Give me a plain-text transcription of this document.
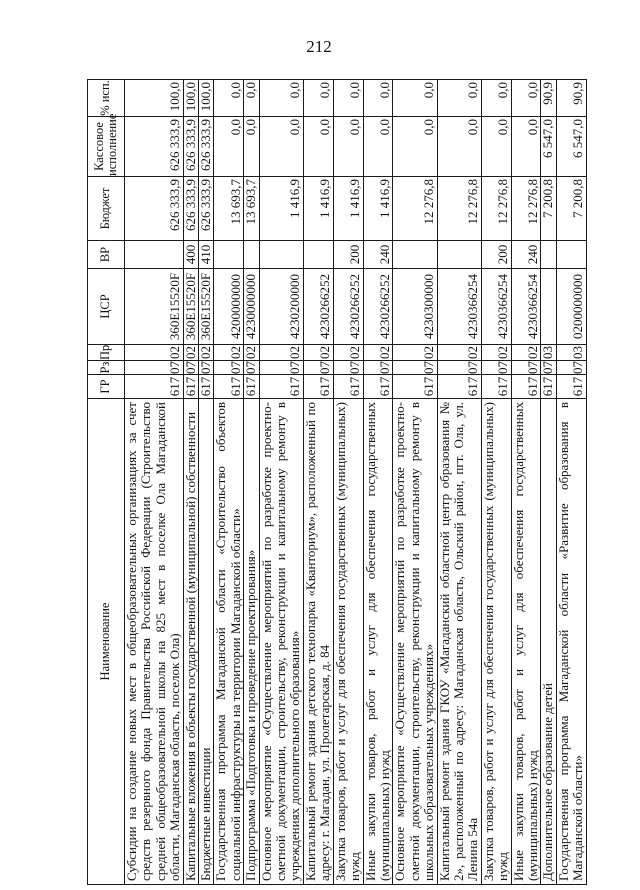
212
Наименование	ГР	Рз	Пр	ЦСР	ВР	Бюджет	Кассовое исполнение	% исп.
Субсидии на создание новых мест в общеобразовательных организациях за счет средств резервного фонда Правительства Российской Федерации (Строительство средней общеобразовательной школы на 825 мест в поселке Ола Магаданской области, Магаданская область, поселок Ола)	617	07	02	360E15520F		626 333,9	626 333,9	100,0
Капитальные вложения в объекты государственной (муниципальной) собственности	617	07	02	360E15520F	400	626 333,9	626 333,9	100,0
Бюджетные инвестиции	617	07	02	360E15520F	410	626 333,9	626 333,9	100,0
Государственная программа Магаданской области «Строительство объектов социальной инфраструктуры на территории Магаданской области»	617	07	02	4200000000		13 693,7	0,0	0,0
Подпрограмма «Подготовка и проведение проектирования»	617	07	02	4230000000		13 693,7	0,0	0,0
Основное мероприятие «Осуществление мероприятий по разработке проектно-сметной документации, строительству, реконструкции и капитальному ремонту в учреждениях дополнительного образования»	617	07	02	4230200000		1 416,9	0,0	0,0
Капитальный ремонт здания детского технопарка «Кванториум», расположенный по адресу: г. Магадан, ул. Пролетарская, д. 84	617	07	02	4230266252		1 416,9	0,0	0,0
Закупка товаров, работ и услуг для обеспечения государственных (муниципальных) нужд	617	07	02	4230266252	200	1 416,9	0,0	0,0
Иные закупки товаров, работ и услуг для обеспечения государственных (муниципальных) нужд	617	07	02	4230266252	240	1 416,9	0,0	0,0
Основное мероприятие «Осуществление мероприятий по разработке проектно-сметной документации, строительству, реконструкции и капитальному ремонту в школьных образовательных учреждениях»	617	07	02	4230300000		12 276,8	0,0	0,0
Капитальный ремонт здания ГКОУ «Магаданский областной центр образования № 2», расположенный по адресу: Магаданская область, Ольский район, пгт. Ола, ул. Ленина 54а	617	07	02	4230366254		12 276,8	0,0	0,0
Закупка товаров, работ и услуг для обеспечения государственных (муниципальных) нужд	617	07	02	4230366254	200	12 276,8	0,0	0,0
Иные закупки товаров, работ и услуг для обеспечения государственных (муниципальных) нужд	617	07	02	4230366254	240	12 276,8	0,0	0,0
Дополнительное образование детей	617	07	03			7 200,8	6 547,0	90,9
Государственная программа Магаданской области «Развитие образования в Магаданской области»	617	07	03	0200000000		7 200,8	6 547,0	90,9
